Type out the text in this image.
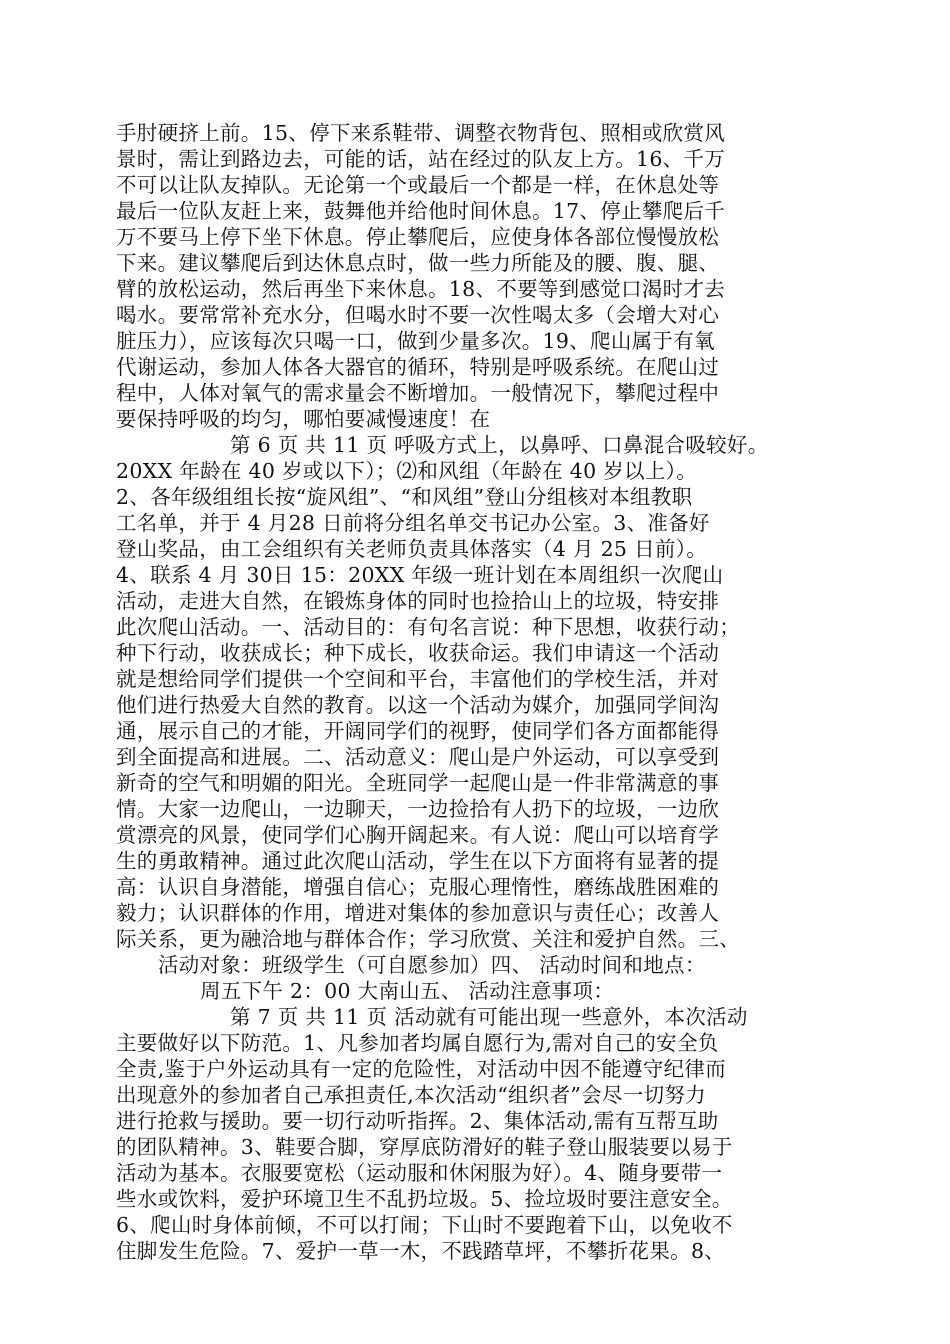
手肘硬挤上前。15、停下来系鞋带、调整衣物背包、照相或欣赏风
景时，需让到路边去，可能的话，站在经过的队友上方。16、千万
不可以让队友掉队。无论第一个或最后一个都是一样，在休息处等
最后一位队友赶上来，鼓舞他并给他时间休息。17、停止攀爬后千
万不要马上停下坐下休息。停止攀爬后，应使身体各部位慢慢放松
下来。建议攀爬后到达休息点时，做一些力所能及的腰、腹、腿、
臂的放松运动，然后再坐下来休息。18、不要等到感觉口渴时才去
喝水。要常常补充水分，但喝水时不要一次性喝太多（会增大对心
脏压力），应该每次只喝一口，做到少量多次。19、爬山属于有氧
代谢运动，参加人体各大器官的循环，特别是呼吸系统。在爬山过
程中，人体对氧气的需求量会不断增加。一般情况下，攀爬过程中
要保持呼吸的均匀，哪怕要减慢速度！在
第 6 页 共 11 页 呼吸方式上，以鼻呼、口鼻混合吸较好。
20XX 年龄在 40 岁或以下）；⑵和风组（年龄在 40 岁以上）。
2、各年级组组长按“旋风组”、“和风组”登山分组核对本组教职
工名单，并于 4 月28 日前将分组名单交书记办公室。3、准备好
登山奖品，由工会组织有关老师负责具体落实（4 月 25 日前）。
4、联系 4 月 30日 15：20XX 年级一班计划在本周组织一次爬山
活动，走进大自然，在锻炼身体的同时也捡拾山上的垃圾，特安排
此次爬山活动。一、活动目的：有句名言说：种下思想，收获行动；
种下行动，收获成长；种下成长，收获命运。我们申请这一个活动
就是想给同学们提供一个空间和平台，丰富他们的学校生活，并对
他们进行热爱大自然的教育。以这一个活动为媒介，加强同学间沟
通，展示自己的才能，开阔同学们的视野，使同学们各方面都能得
到全面提高和进展。二、活动意义：爬山是户外运动，可以享受到
新奇的空气和明媚的阳光。全班同学一起爬山是一件非常满意的事
情。大家一边爬山，一边聊天，一边捡拾有人扔下的垃圾，一边欣
赏漂亮的风景，使同学们心胸开阔起来。有人说：爬山可以培育学
生的勇敢精神。通过此次爬山活动，学生在以下方面将有显著的提
高：认识自身潜能，增强自信心；克服心理惰性，磨练战胜困难的
毅力；认识群体的作用，增进对集体的参加意识与责任心；改善人
际关系，更为融洽地与群体合作；学习欣赏、关注和爱护自然。三、
活动对象：班级学生（可自愿参加）四、 活动时间和地点：
周五下午 2：00 大南山五、 活动注意事项：
第 7 页 共 11 页 活动就有可能出现一些意外，本次活动
主要做好以下防范。1、凡参加者均属自愿行为,需对自己的安全负
全责,鉴于户外运动具有一定的危险性，对活动中因不能遵守纪律而
出现意外的参加者自己承担责任,本次活动“组织者”会尽一切努力
进行抢救与援助。要一切行动听指挥。2、集体活动,需有互帮互助
的团队精神。3、鞋要合脚，穿厚底防滑好的鞋子登山服装要以易于
活动为基本。衣服要宽松（运动服和休闲服为好）。4、随身要带一
些水或饮料，爱护环境卫生不乱扔垃圾。5、捡垃圾时要注意安全。
6、爬山时身体前倾，不可以打闹；下山时不要跑着下山，以免收不
住脚发生危险。7、爱护一草一木，不践踏草坪，不攀折花果。8、
